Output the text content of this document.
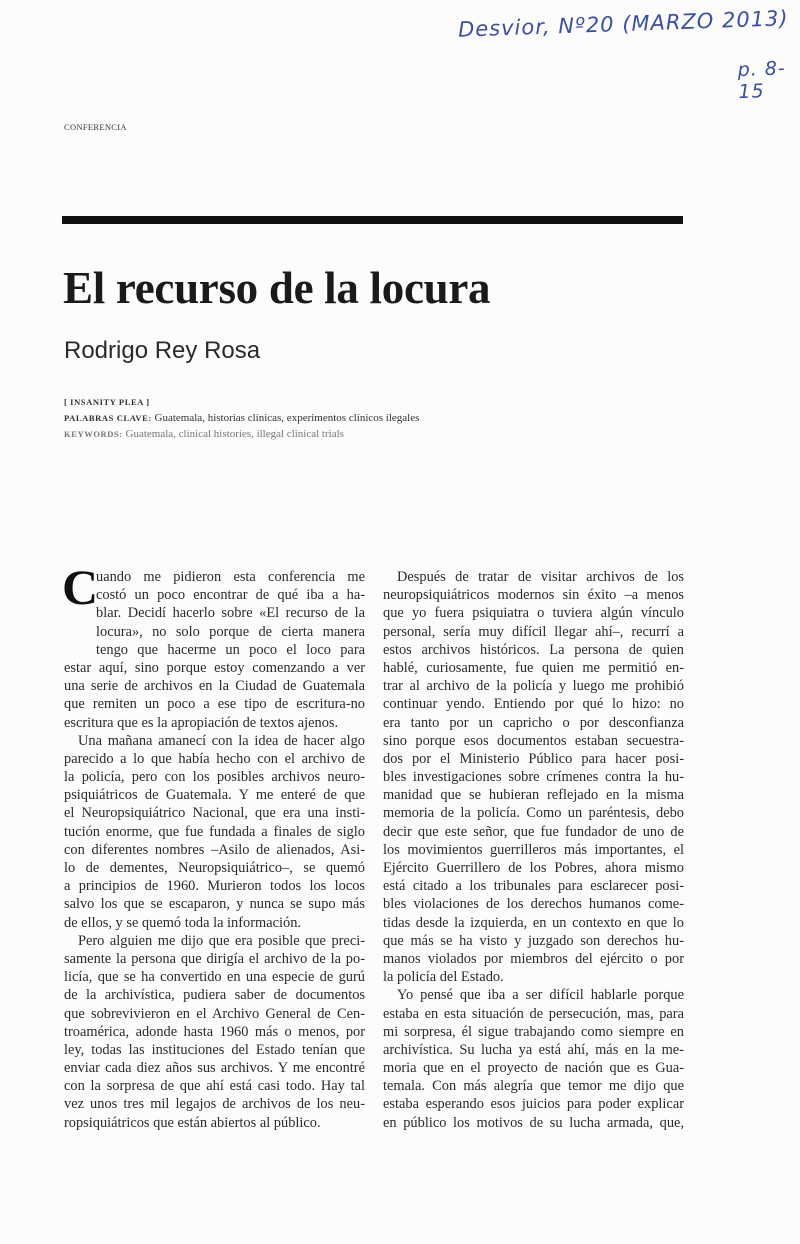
Desvior, Nº20 (MARZO 2013)
p. 8-15
CONFERENCIA
El recurso de la locura
Rodrigo Rey Rosa
[ INSANITY PLEA ]
PALABRAS CLAVE: Guatemala, historias clínicas, experimentos clínicos ilegales
KEYWORDS: Guatemala, clinical histories, illegal clinical trials
C
uando me pidieron esta conferencia me
costó un poco encontrar de qué iba a ha-
blar. Decidí hacerlo sobre «El recurso de la
locura», no solo porque de cierta manera
tengo que hacerme un poco el loco para
estar aquí, sino porque estoy comenzando a ver
una serie de archivos en la Ciudad de Guatemala
que remiten un poco a ese tipo de escritura-no
escritura que es la apropiación de textos ajenos.
Una mañana amanecí con la idea de hacer algo
parecido a lo que había hecho con el archivo de
la policía, pero con los posibles archivos neuro-
psiquiátricos de Guatemala. Y me enteré de que
el Neuropsiquiátrico Nacional, que era una insti-
tución enorme, que fue fundada a finales de siglo
con diferentes nombres –Asilo de alienados, Asi-
lo de dementes, Neuropsiquiátrico–, se quemó
a principios de 1960. Murieron todos los locos
salvo los que se escaparon, y nunca se supo más
de ellos, y se quemó toda la información.
Pero alguien me dijo que era posible que preci-
samente la persona que dirigía el archivo de la po-
licía, que se ha convertido en una especie de gurú
de la archivística, pudiera saber de documentos
que sobrevivieron en el Archivo General de Cen-
troamérica, adonde hasta 1960 más o menos, por
ley, todas las instituciones del Estado tenían que
enviar cada diez años sus archivos. Y me encontré
con la sorpresa de que ahí está casi todo. Hay tal
vez unos tres mil legajos de archivos de los neu-
ropsiquiátricos que están abiertos al público.
Después de tratar de visitar archivos de los
neuropsiquiátricos modernos sin éxito –a menos
que yo fuera psiquiatra o tuviera algún vínculo
personal, sería muy difícil llegar ahí–, recurrí a
estos archivos históricos. La persona de quien
hablé, curiosamente, fue quien me permitió en-
trar al archivo de la policía y luego me prohibió
continuar yendo. Entiendo por qué lo hizo: no
era tanto por un capricho o por desconfianza
sino porque esos documentos estaban secuestra-
dos por el Ministerio Público para hacer posi-
bles investigaciones sobre crímenes contra la hu-
manidad que se hubieran reflejado en la misma
memoria de la policía. Como un paréntesis, debo
decir que este señor, que fue fundador de uno de
los movimientos guerrilleros más importantes, el
Ejército Guerrillero de los Pobres, ahora mismo
está citado a los tribunales para esclarecer posi-
bles violaciones de los derechos humanos come-
tidas desde la izquierda, en un contexto en que lo
que más se ha visto y juzgado son derechos hu-
manos violados por miembros del ejército o por
la policía del Estado.
Yo pensé que iba a ser difícil hablarle porque
estaba en esta situación de persecución, mas, para
mi sorpresa, él sigue trabajando como siempre en
archivística. Su lucha ya está ahí, más en la me-
moria que en el proyecto de nación que es Gua-
temala. Con más alegría que temor me dijo que
estaba esperando esos juicios para poder explicar
en público los motivos de su lucha armada, que,
